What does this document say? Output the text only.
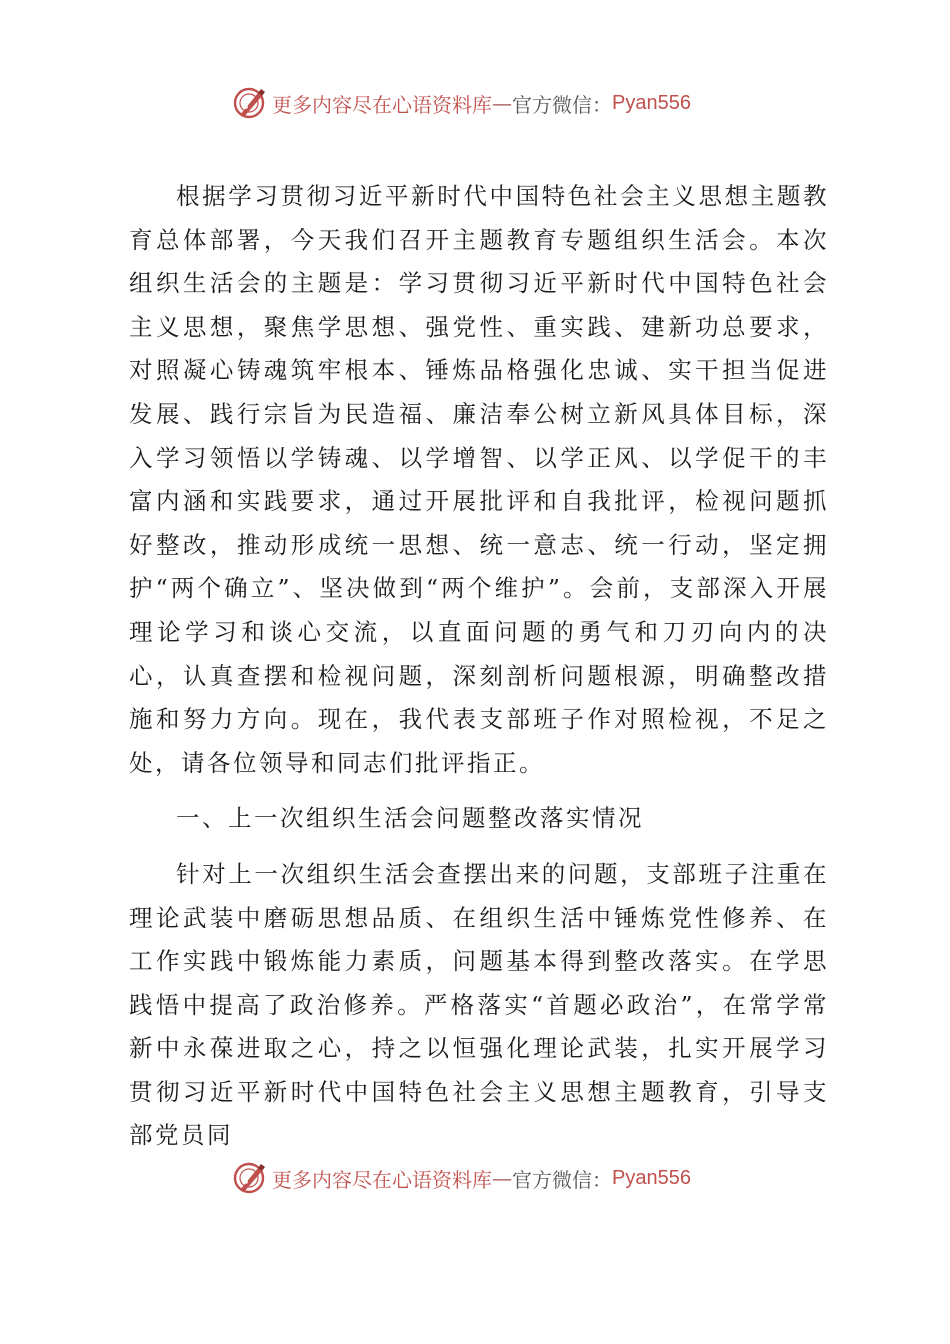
更多内容尽在心语资料库 — 官方微信： Pyan556

根据学习贯彻习近平新时代中国特色社会主义思想主题教育总体部署，今天我们召开主题教育专题组织生活会。本次组织生活会的主题是：学习贯彻习近平新时代中国特色社会主义思想，聚焦学思想、强党性、重实践、建新功总要求，对照凝心铸魂筑牢根本、锤炼品格强化忠诚、实干担当促进发展、践行宗旨为民造福、廉洁奉公树立新风具体目标，深入学习领悟以学铸魂、以学增智、以学正风、以学促干的丰富内涵和实践要求，通过开展批评和自我批评，检视问题抓好整改，推动形成统一思想、统一意志、统一行动，坚定拥护“两个确立”、坚决做到“两个维护”。会前，支部深入开展理论学习和谈心交流，以直面问题的勇气和刀刃向内的决心，认真查摆和检视问题，深刻剖析问题根源，明确整改措施和努力方向。现在，我代表支部班子作对照检视，不足之处，请各位领导和同志们批评指正。

一、上一次组织生活会问题整改落实情况

针对上一次组织生活会查摆出来的问题，支部班子注重在理论武装中磨砺思想品质、在组织生活中锤炼党性修养、在工作实践中锻炼能力素质，问题基本得到整改落实。在学思践悟中提高了政治修养。严格落实“首题必政治”，在常学常新中永葆进取之心，持之以恒强化理论武装，扎实开展学习贯彻习近平新时代中国特色社会主义思想主题教育，引导支部党员同

更多内容尽在心语资料库 — 官方微信： Pyan556
